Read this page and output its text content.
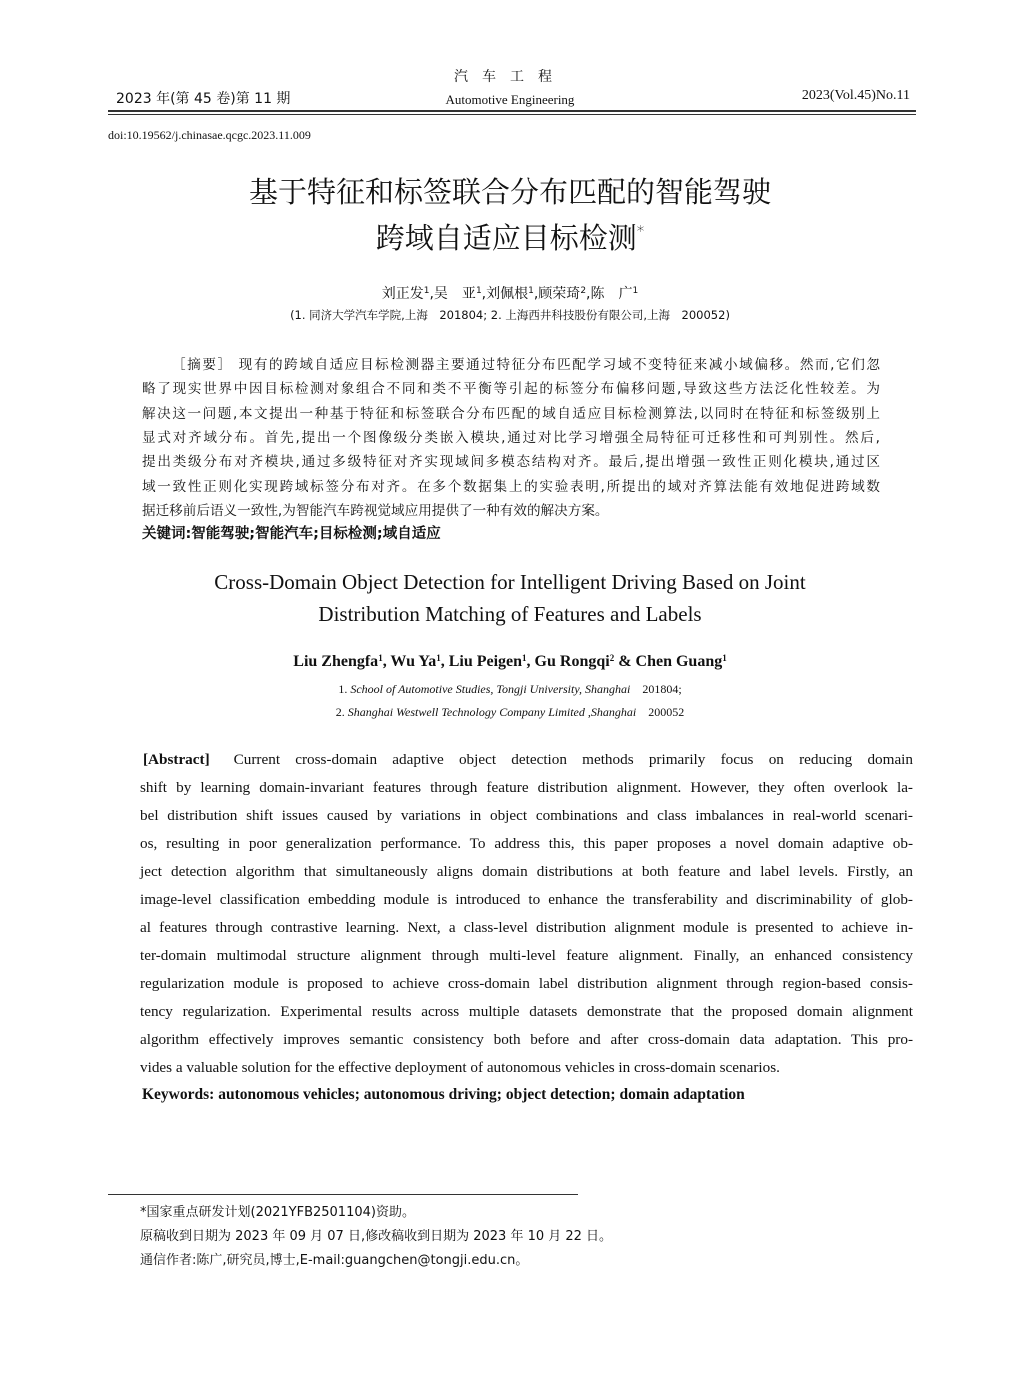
汽车工程
2023 年(第 45 卷)第 11 期	Automotive Engineering	2023(Vol.45)No.11
doi:10.19562/j.chinasae.qcgc.2023.11.009
基于特征和标签联合分布匹配的智能驾驶
跨域自适应目标检测*
刘正发$^1$,吴　亚$^1$,刘佩根$^1$,顾荣琦$^2$,陈　广$^1$
(1. 同济大学汽车学院,上海　201804; 2. 上海西井科技股份有限公司,上海　200052)
［摘要］ 现有的跨域自适应目标检测器主要通过特征分布匹配学习域不变特征来减小域偏移。然而,它们忽
略了现实世界中因目标检测对象组合不同和类不平衡等引起的标签分布偏移问题,导致这些方法泛化性较差。为
解决这一问题,本文提出一种基于特征和标签联合分布匹配的域自适应目标检测算法,以同时在特征和标签级别上
显式对齐域分布。首先,提出一个图像级分类嵌入模块,通过对比学习增强全局特征可迁移性和可判别性。然后,
提出类级分布对齐模块,通过多级特征对齐实现域间多模态结构对齐。最后,提出增强一致性正则化模块,通过区
域一致性正则化实现跨域标签分布对齐。在多个数据集上的实验表明,所提出的域对齐算法能有效地促进跨域数
据迁移前后语义一致性,为智能汽车跨视觉域应用提供了一种有效的解决方案。
关键词:智能驾驶;智能汽车;目标检测;域自适应
Cross-Domain Object Detection for Intelligent Driving Based on Joint
Distribution Matching of Features and Labels
Liu Zhengfa$^1$, Wu Ya$^1$, Liu Peigen$^1$, Gu Rongqi$^2$ & Chen Guang$^1$
1. School of Automotive Studies, Tongji University, Shanghai　201804;
2. Shanghai Westwell Technology Company Limited ,Shanghai　200052
[Abstract] Current cross-domain adaptive object detection methods primarily focus on reducing domain
shift by learning domain-invariant features through feature distribution alignment. However, they often overlook la-
bel distribution shift issues caused by variations in object combinations and class imbalances in real-world scenari-
os, resulting in poor generalization performance. To address this, this paper proposes a novel domain adaptive ob-
ject detection algorithm that simultaneously aligns domain distributions at both feature and label levels. Firstly, an
image-level classification embedding module is introduced to enhance the transferability and discriminability of glob-
al features through contrastive learning. Next, a class-level distribution alignment module is presented to achieve in-
ter-domain multimodal structure alignment through multi-level feature alignment. Finally, an enhanced consistency
regularization module is proposed to achieve cross-domain label distribution alignment through region-based consis-
tency regularization. Experimental results across multiple datasets demonstrate that the proposed domain alignment
algorithm effectively improves semantic consistency both before and after cross-domain data adaptation. This pro-
vides a valuable solution for the effective deployment of autonomous vehicles in cross-domain scenarios.
Keywords: autonomous vehicles; autonomous driving; object detection; domain adaptation
*国家重点研发计划(2021YFB2501104)资助。
原稿收到日期为 2023 年 09 月 07 日,修改稿收到日期为 2023 年 10 月 22 日。
通信作者:陈广,研究员,博士,E-mail:guangchen@tongji.edu.cn。
